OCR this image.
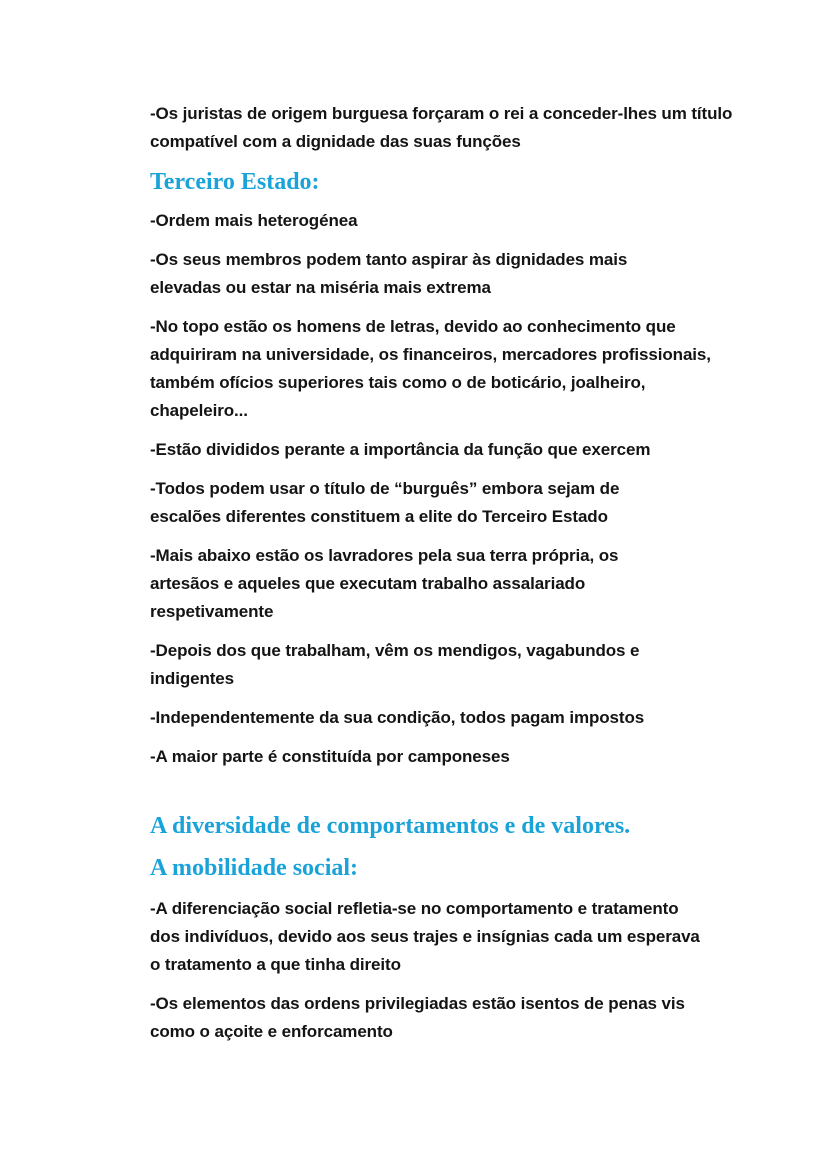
-Os juristas de origem burguesa forçaram o rei a conceder-lhes um título compatível com a dignidade das suas funções

Terceiro Estado:

-Ordem mais heterogénea

-Os seus membros podem tanto aspirar às dignidades mais elevadas ou estar na miséria mais extrema

-No topo estão os homens de letras, devido ao conhecimento que adquiriram na universidade, os financeiros, mercadores profissionais, também ofícios superiores tais como o de boticário, joalheiro, chapeleiro...

-Estão divididos perante a importância da função que exercem

-Todos podem usar o título de “burguês” embora sejam de escalões diferentes constituem a elite do Terceiro Estado

-Mais abaixo estão os lavradores pela sua terra própria, os artesãos e aqueles que executam trabalho assalariado respetivamente

-Depois dos que trabalham, vêm os mendigos, vagabundos e indigentes

-Independentemente da sua condição, todos pagam impostos

-A maior parte é constituída por camponeses

A diversidade de comportamentos e de valores.
A mobilidade social:

-A diferenciação social refletia-se no comportamento e tratamento dos indivíduos, devido aos seus trajes e insígnias cada um esperava o tratamento a que tinha direito

-Os elementos das ordens privilegiadas estão isentos de penas vis como o açoite e enforcamento
